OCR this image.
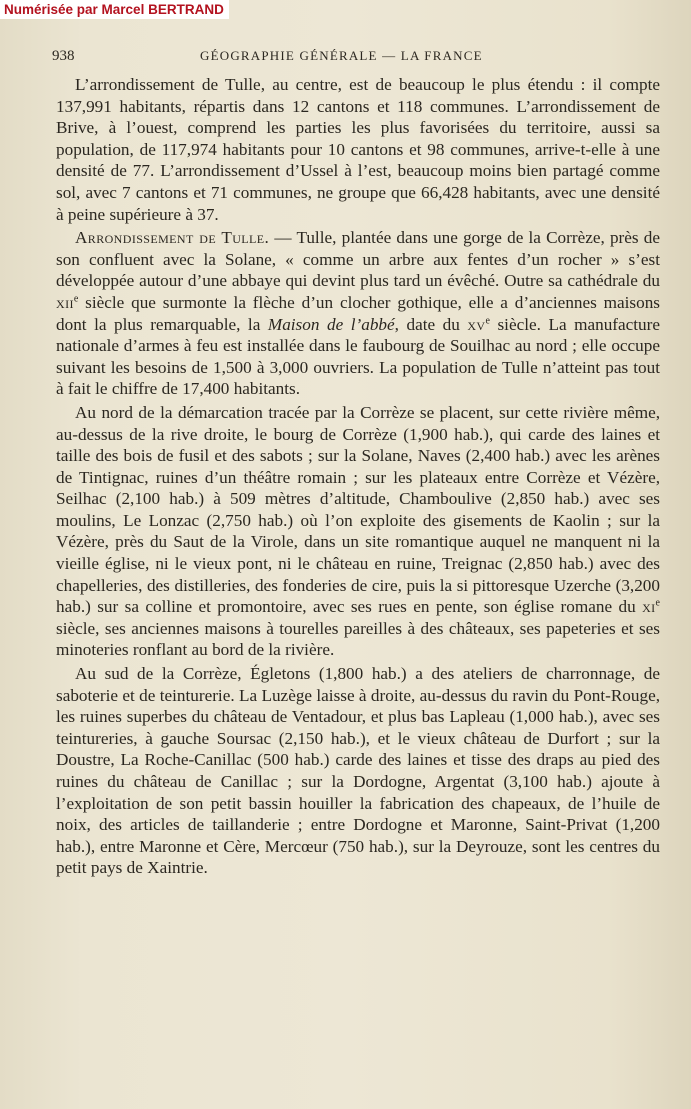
Numérisée par Marcel BERTRAND
938	GÉOGRAPHIE GÉNÉRALE — LA FRANCE

L’arrondissement de Tulle, au centre, est de beaucoup le plus étendu : il compte 137,991 habitants, répartis dans 12 cantons et 118 communes. L’arrondissement de Brive, à l’ouest, comprend les parties les plus favorisées du territoire, aussi sa population, de 117,974 habitants pour 10 cantons et 98 communes, arrive-t-elle à une densité de 77. L’arrondissement d’Ussel à l’est, beaucoup moins bien partagé comme sol, avec 7 cantons et 71 communes, ne groupe que 66,428 habitants, avec une densité à peine supérieure à 37.

Arrondissement de Tulle. — Tulle, plantée dans une gorge de la Corrèze, près de son confluent avec la Solane, « comme un arbre aux fentes d’un rocher » s’est développée autour d’une abbaye qui devint plus tard un évêché. Outre sa cathédrale du xii$^e$ siècle que surmonte la flèche d’un clocher gothique, elle a d’anciennes maisons dont la plus remarquable, la Maison de l’abbé, date du $xv^e$ siècle. La manufacture nationale d’armes à feu est installée dans le faubourg de Souilhac au nord ; elle occupe suivant les besoins de 1,500 à 3,000 ouvriers. La population de Tulle n’atteint pas tout à fait le chiffre de 17,400 habitants.

Au nord de la démarcation tracée par la Corrèze se placent, sur cette rivière même, au-dessus de la rive droite, le bourg de Corrèze (1,900 hab.), qui carde des laines et taille des bois de fusil et des sabots ; sur la Solane, Naves (2,400 hab.) avec les arènes de Tintignac, ruines d’un théâtre romain ; sur les plateaux entre Corrèze et Vézère, Seilhac (2,100 hab.) à 509 mètres d’altitude, Chamboulive (2,850 hab.) avec ses moulins, Le Lonzac (2,750 hab.) où l’on exploite des gisements de Kaolin ; sur la Vézère, près du Saut de la Virole, dans un site romantique auquel ne manquent ni la vieille église, ni le vieux pont, ni le château en ruine, Treignac (2,850 hab.) avec des chapelleries, des distilleries, des fonderies de cire, puis la si pittoresque Uzerche (3,200 hab.) sur sa colline et promontoire, avec ses rues en pente, son église romane du $xi^e$ siècle, ses anciennes maisons à tourelles pareilles à des châteaux, ses papeteries et ses minoteries ronflant au bord de la rivière.

Au sud de la Corrèze, Égletons (1,800 hab.) a des ateliers de charronnage, de saboterie et de teinturerie. La Luzège laisse à droite, au-dessus du ravin du Pont-Rouge, les ruines superbes du château de Ventadour, et plus bas Lapleau (1,000 hab.), avec ses teintureries, à gauche Soursac (2,150 hab.), et le vieux château de Durfort ; sur la Doustre, La Roche-Canillac (500 hab.) carde des laines et tisse des draps au pied des ruines du château de Canillac ; sur la Dordogne, Argentat (3,100 hab.) ajoute à l’exploitation de son petit bassin houiller la fabrication des chapeaux, de l’huile de noix, des articles de taillanderie ; entre Dordogne et Maronne, Saint-Privat (1,200 hab.), entre Maronne et Cère, Mercœur (750 hab.), sur la Deyrouze, sont les centres du petit pays de Xaintrie.
